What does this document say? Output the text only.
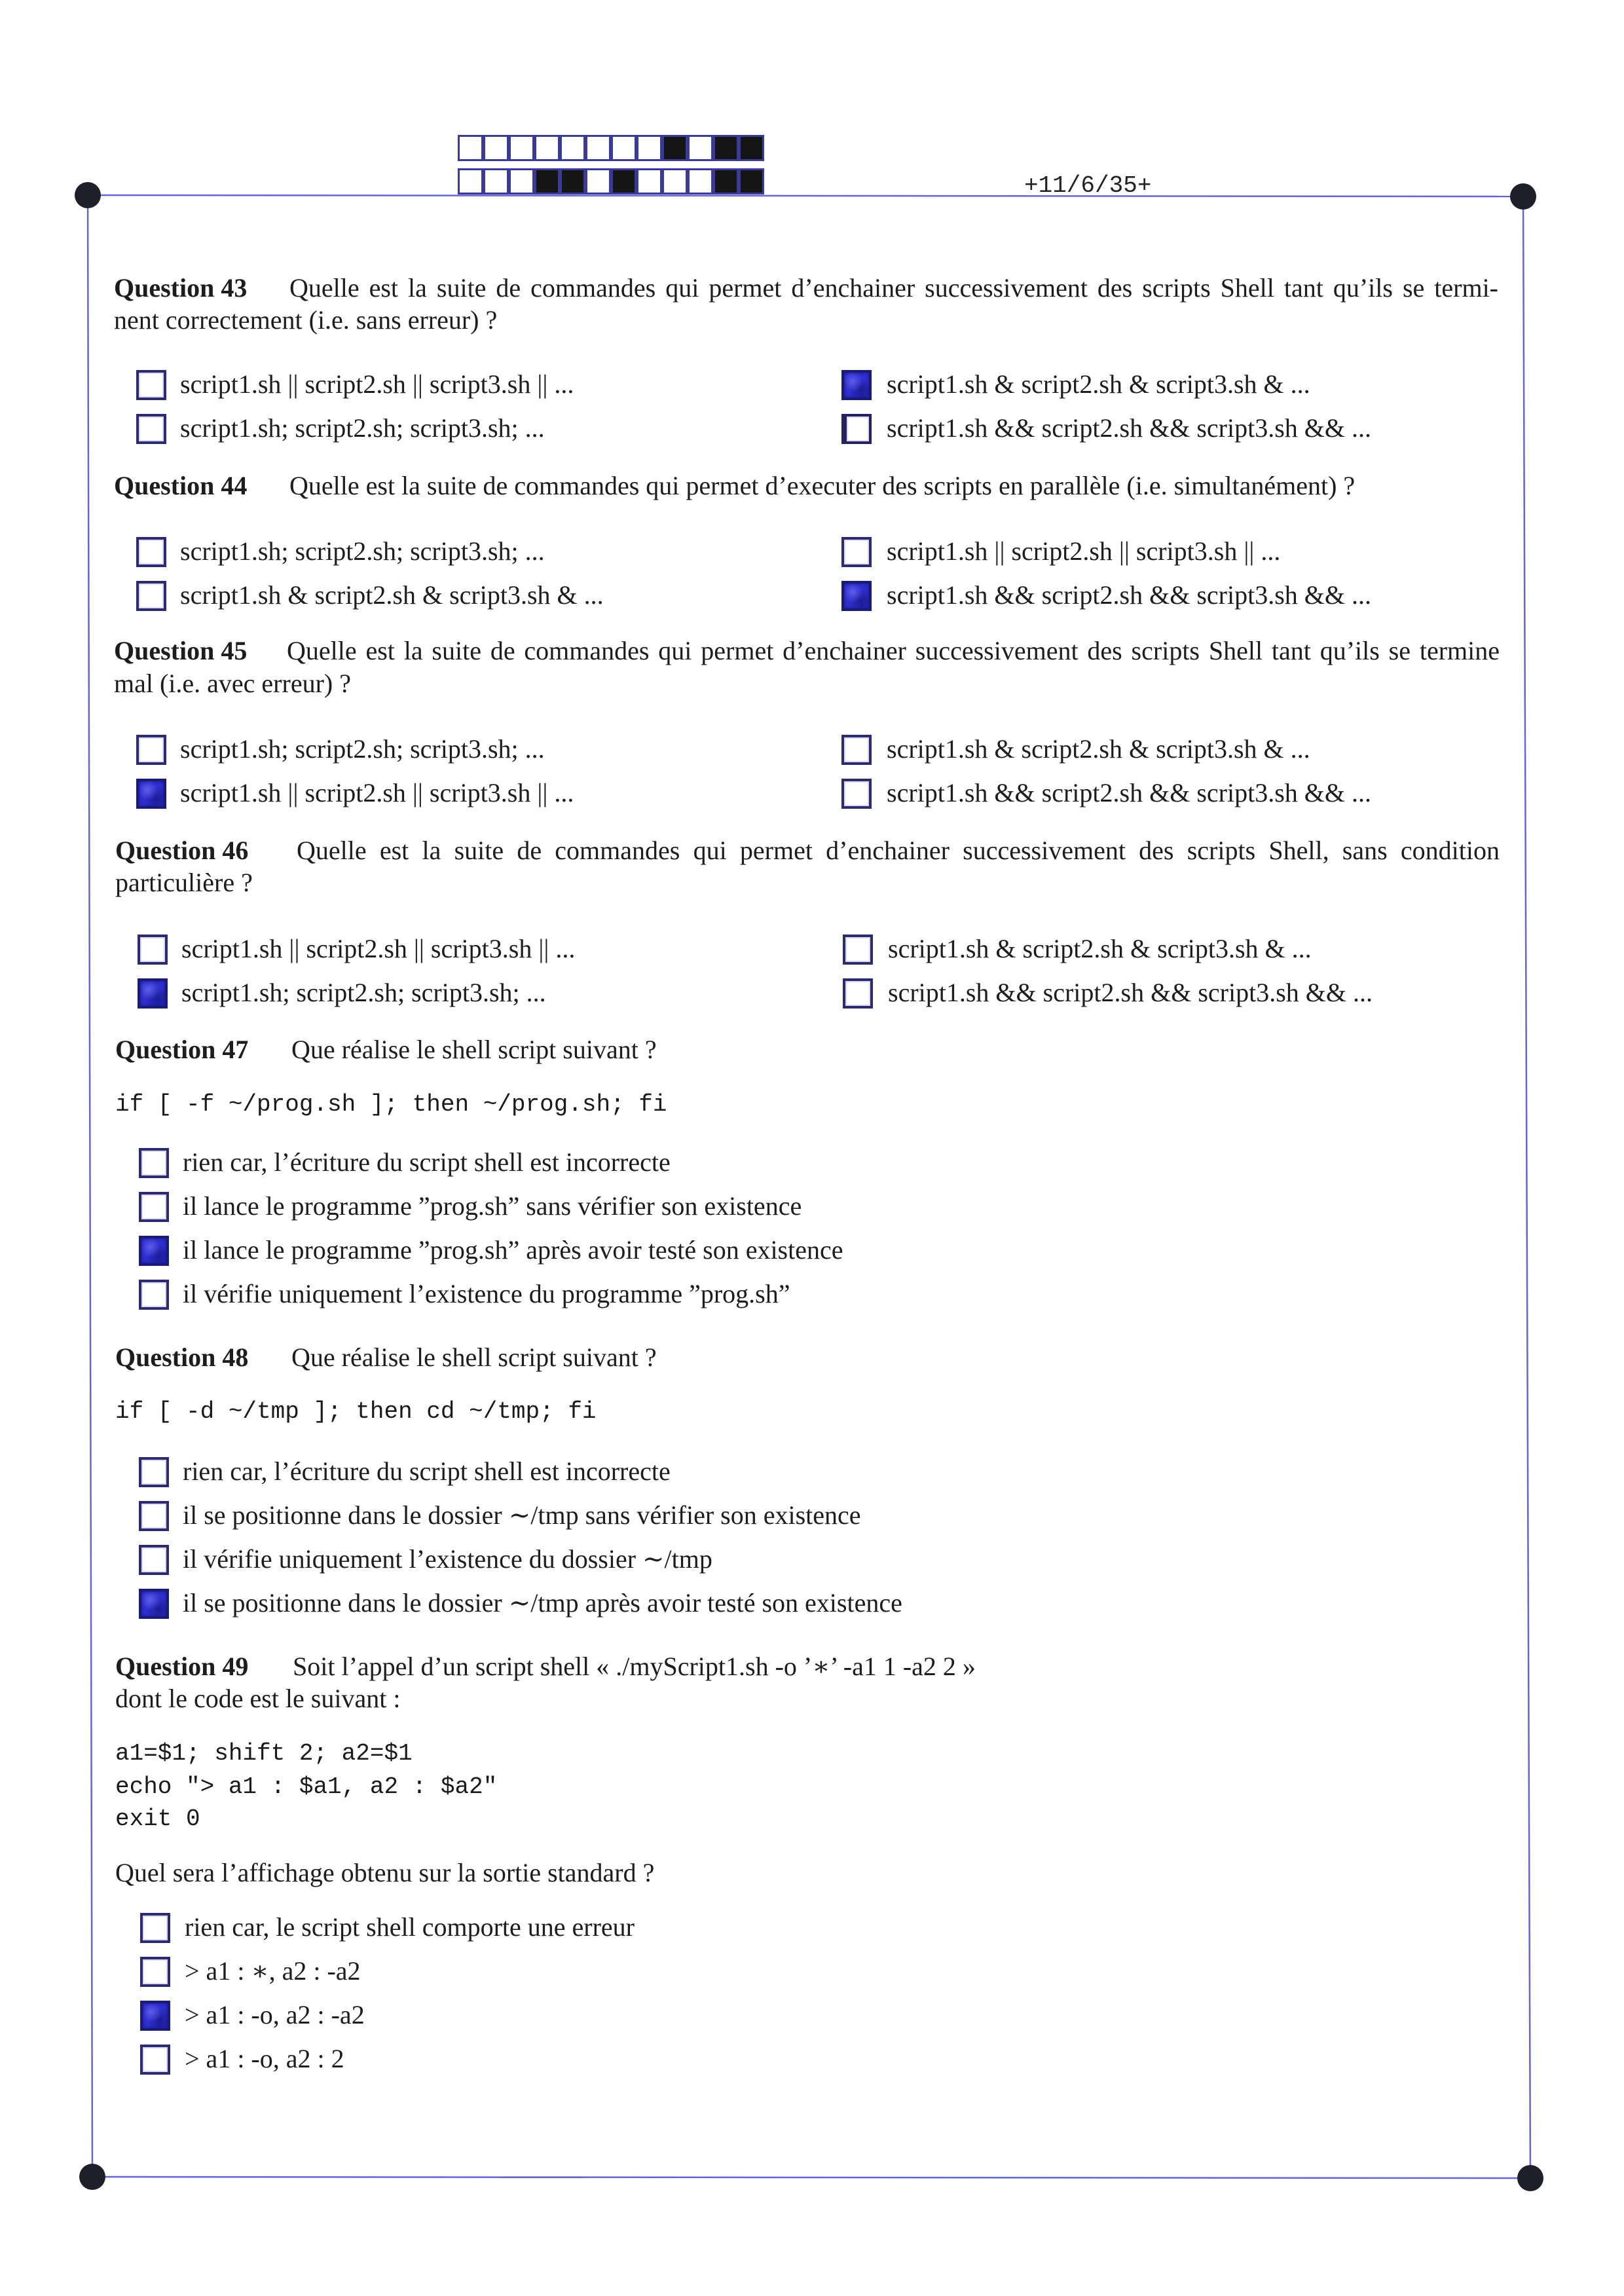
+11/6/35+
Question 43 Quelle est la suite de commandes qui permet d’enchainer successivement des scripts Shell tant qu’ils se termi-
nent correctement (i.e. sans erreur) ?
script1.sh || script2.sh || script3.sh || ...	script1.sh & script2.sh & script3.sh & ...
script1.sh; script2.sh; script3.sh; ...	script1.sh && script2.sh && script3.sh && ...
Question 44 Quelle est la suite de commandes qui permet d’executer des scripts en parallèle (i.e. simultanément) ?
script1.sh; script2.sh; script3.sh; ...	script1.sh || script2.sh || script3.sh || ...
script1.sh & script2.sh & script3.sh & ...	script1.sh && script2.sh && script3.sh && ...
Question 45 Quelle est la suite de commandes qui permet d’enchainer successivement des scripts Shell tant qu’ils se termine
mal (i.e. avec erreur) ?
script1.sh; script2.sh; script3.sh; ...	script1.sh & script2.sh & script3.sh & ...
script1.sh || script2.sh || script3.sh || ...	script1.sh && script2.sh && script3.sh && ...
Question 46 Quelle est la suite de commandes qui permet d’enchainer successivement des scripts Shell, sans condition
particulière ?
script1.sh || script2.sh || script3.sh || ...	script1.sh & script2.sh & script3.sh & ...
script1.sh; script2.sh; script3.sh; ...	script1.sh && script2.sh && script3.sh && ...
Question 47 Que réalise le shell script suivant ?
if [ -f ~/prog.sh ]; then ~/prog.sh; fi
rien car, l’écriture du script shell est incorrecte
il lance le programme ”prog.sh” sans vérifier son existence
il lance le programme ”prog.sh” après avoir testé son existence
il vérifie uniquement l’existence du programme ”prog.sh”
Question 48 Que réalise le shell script suivant ?
if [ -d ~/tmp ]; then cd ~/tmp; fi
rien car, l’écriture du script shell est incorrecte
il se positionne dans le dossier ∼/tmp sans vérifier son existence
il vérifie uniquement l’existence du dossier ∼/tmp
il se positionne dans le dossier ∼/tmp après avoir testé son existence
Question 49 Soit l’appel d’un script shell « ./myScript1.sh -o ’∗’ -a1 1 -a2 2 »
dont le code est le suivant :
a1=$1; shift 2; a2=$1
echo "> a1 : $a1, a2 : $a2"
exit 0
Quel sera l’affichage obtenu sur la sortie standard ?
rien car, le script shell comporte une erreur
> a1 : ∗, a2 : -a2
> a1 : -o, a2 : -a2
> a1 : -o, a2 : 2
